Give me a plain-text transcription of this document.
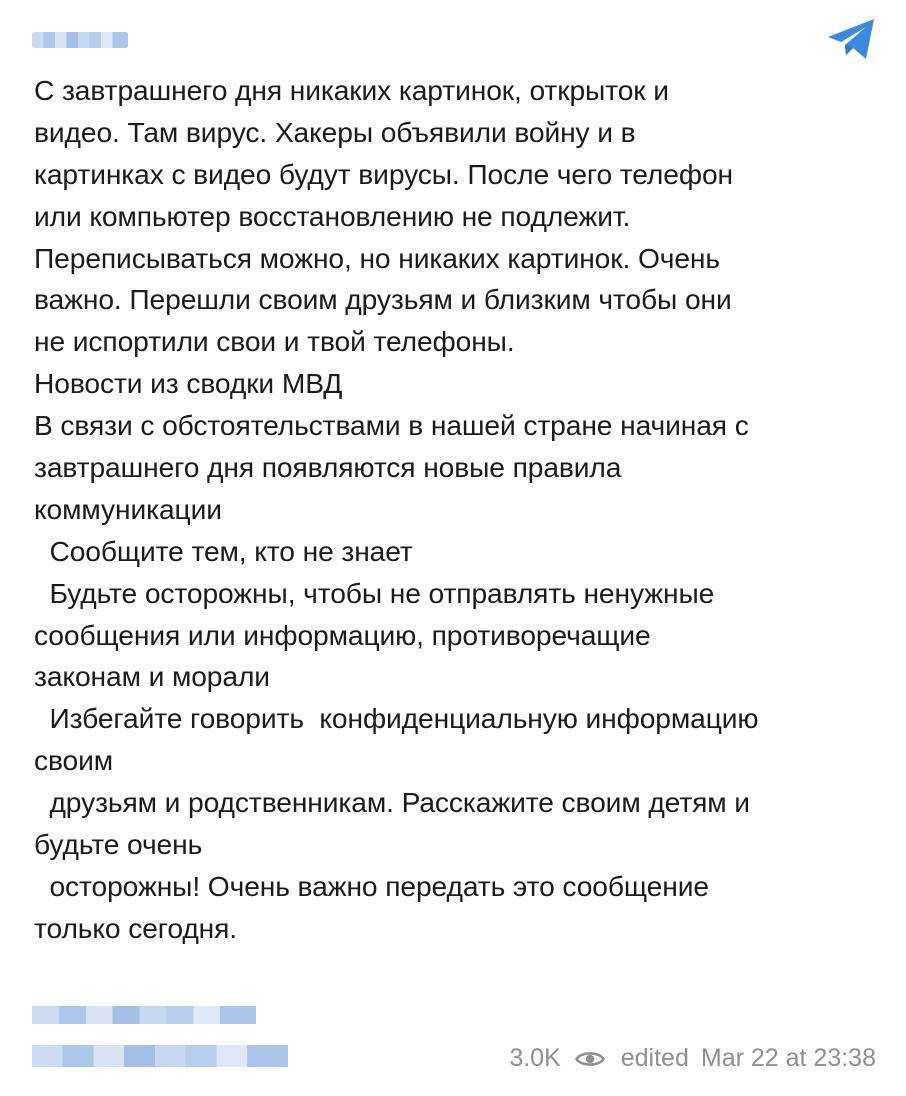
С завтрашнего дня никаких картинок, открыток и
видео. Там вирус. Хакеры объявили войну и в
картинках с видео будут вирусы. После чего телефон
или компьютер восстановлению не подлежит.
Переписываться можно, но никаких картинок. Очень
важно. Перешли своим друзьям и близким чтобы они
не испортили свои и твой телефоны.
Новости из сводки МВД
В связи с обстоятельствами в нашей стране начиная с
завтрашнего дня появляются новые правила
коммуникации
Сообщите тем, кто не знает
Будьте осторожны, чтобы не отправлять ненужные
сообщения или информацию, противоречащие
законам и морали
Избегайте говорить  конфиденциальную информацию
своим
друзьям и родственникам. Расскажите своим детям и
будьте очень
осторожны! Очень важно передать это сообщение
только сегодня.
3.0K edited Mar 22 at 23:38
